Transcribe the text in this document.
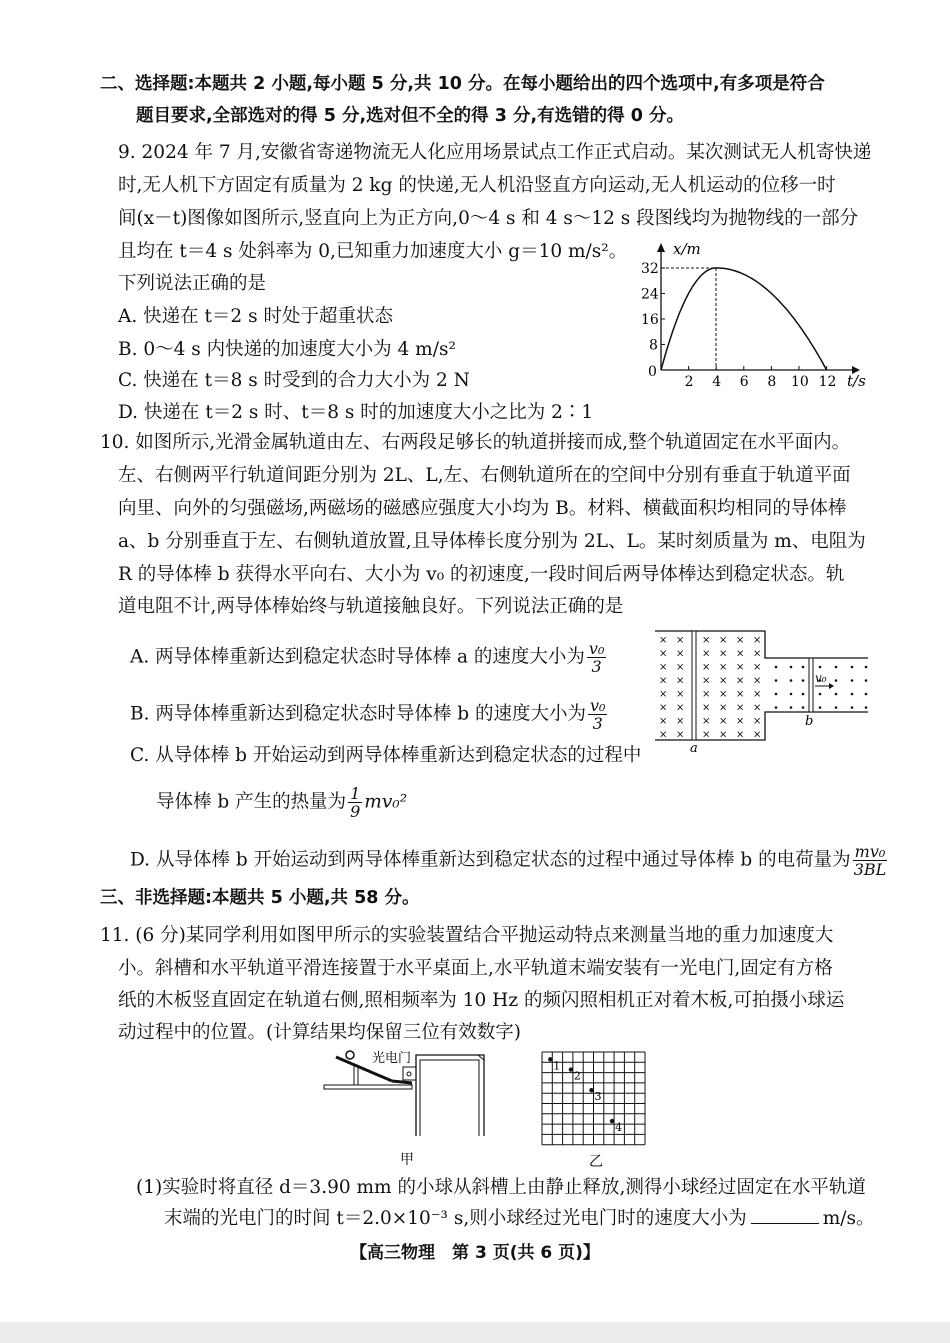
二、选择题:本题共 2 小题,每小题 5 分,共 10 分。在每小题给出的四个选项中,有多项是符合
题目要求,全部选对的得 5 分,选对但不全的得 3 分,有选错的得 0 分。
9. 2024 年 7 月,安徽省寄递物流无人化应用场景试点工作正式启动。某次测试无人机寄快递
时,无人机下方固定有质量为 2 kg 的快递,无人机沿竖直方向运动,无人机运动的位移一时
间(x－t)图像如图所示,竖直向上为正方向,0～4 s 和 4 s～12 s 段图线均为抛物线的一部分
且均在 t＝4 s 处斜率为 0,已知重力加速度大小 g＝10 m/s²。
下列说法正确的是
A. 快递在 t＝2 s 时处于超重状态
B. 0～4 s 内快递的加速度大小为 4 m/s²
C. 快递在 t＝8 s 时受到的合力大小为 2 N
D. 快递在 t＝2 s 时、t＝8 s 时的加速度大小之比为 2∶1
x/m
t/s
0
8
16
24
32
2 4 6 8 10 12
10. 如图所示,光滑金属轨道由左、右两段足够长的轨道拼接而成,整个轨道固定在水平面内。
左、右侧两平行轨道间距分别为 2L、L,左、右侧轨道所在的空间中分别有垂直于轨道平面
向里、向外的匀强磁场,两磁场的磁感应强度大小均为 B。材料、横截面积均相同的导体棒
a、b 分别垂直于左、右侧轨道放置,且导体棒长度分别为 2L、L。某时刻质量为 m、电阻为
R 的导体棒 b 获得水平向右、大小为 v₀ 的初速度,一段时间后两导体棒达到稳定状态。轨
道电阻不计,两导体棒始终与轨道接触良好。下列说法正确的是
A. 两导体棒重新达到稳定状态时导体棒 a 的速度大小为 $\frac{\text{v₀}}{3}$
B. 两导体棒重新达到稳定状态时导体棒 b 的速度大小为 $\frac{\text{v₀}}{3}$
C. 从导体棒 b 开始运动到两导体棒重新达到稳定状态的过程中
导体棒 b 产生的热量为 $\frac{1}{9} mv_0^2$
D. 从导体棒 b 开始运动到两导体棒重新达到稳定状态的过程中通过导体棒 b 的电荷量为 $\frac{\text{mv₀}}{3BL}$
× × × × × ×
× × × × × ×
× × × × × ×
× × × × × ×
× × × × × ×
× × × × × ×
× × × × × ×
× × × × × ×
a
b
v₀
三、非选择题:本题共 5 小题,共 58 分。
11. (6 分)某同学利用如图甲所示的实验装置结合平抛运动特点来测量当地的重力加速度大
小。斜槽和水平轨道平滑连接置于水平桌面上,水平轨道末端安装有一光电门,固定有方格
纸的木板竖直固定在轨道右侧,照相频率为 10 Hz 的频闪照相机正对着木板,可拍摄小球运
动过程中的位置。(计算结果均保留三位有效数字)
光电门
甲
1
2
3
4
乙
(1)实验时将直径 d＝3.90 mm 的小球从斜槽上由静止释放,测得小球经过固定在水平轨道
末端的光电门的时间 t＝2.0×10⁻³ s,则小球经过光电门时的速度大小为	m/s。
【高三物理　第 3 页(共 6 页)】
